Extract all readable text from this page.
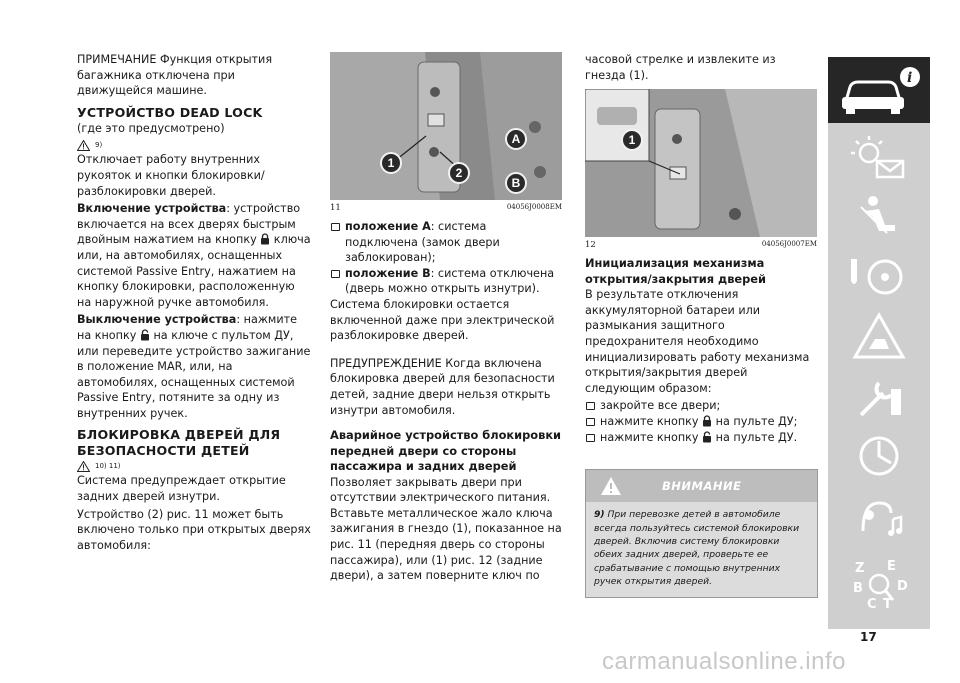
ПРИМЕЧАНИЕ Функция открытия багажника отключена при движущейся машине.

УСТРОЙСТВО DEAD LOCK

(где это предусмотрено)

9)

Отключает работу внутренних рукояток и кнопки блокировки/разблокировки дверей.

Включение устройства: устройство включается на всех дверях быстрым двойным нажатием на кнопку  ключа или, на автомобилях, оснащенных системой Passive Entry, нажатием на кнопку блокировки, расположенную на наружной ручке автомобиля.

Выключение устройства: нажмите на кнопку  на ключе с пультом ДУ, или переведите устройство зажигание в положение MAR, или, на автомобилях, оснащенных системой Passive Entry, потяните за одну из внутренних ручек.

БЛОКИРОВКА ДВЕРЕЙ ДЛЯ БЕЗОПАСНОСТИ ДЕТЕЙ
10) 11)

Система предупреждает открытие задних дверей изнутри.

Устройство (2) рис. 11 может быть включено только при открытых дверях автомобиля:

1
2
A
B
11	04056J0008EM
положение A: система подключена (замок двери заблокирован);
положение B: система отключена (дверь можно открыть изнутри).

Система блокировки остается включенной даже при электрической разблокировке дверей.

ПРЕДУПРЕЖДЕНИЕ Когда включена блокировка дверей для безопасности детей, задние двери нельзя открыть изнутри автомобиля.

Аварийное устройство блокировки передней двери со стороны пассажира и задних дверей

Позволяет закрывать двери при отсутствии электрического питания. Вставьте металлическое жало ключа зажигания в гнездо (1), показанное на рис. 11 (передняя дверь со стороны пассажира), или (1) рис. 12 (задние двери), а затем поверните ключ по

часовой стрелке и извлеките из гнезда (1).

1
12	04056J0007EM
Инициализация механизма открытия/закрытия дверей

В результате отключения аккумуляторной батареи или размыкания защитного предохранителя необходимо инициализировать работу механизма открытия/закрытия дверей следующим образом:

закройте все двери;
нажмите кнопку  на пульте ДУ;
нажмите кнопку  на пульте ДУ.
ВНИМАНИЕ
9) При перевозке детей в автомобиле всегда пользуйтесь системой блокировки дверей. Включив систему блокировки обеих задних дверей, проверьте ее срабатывание с помощью внутренних ручек открытия дверей.
i
Z E
B	D
C T
17
carmanualsonline.info
